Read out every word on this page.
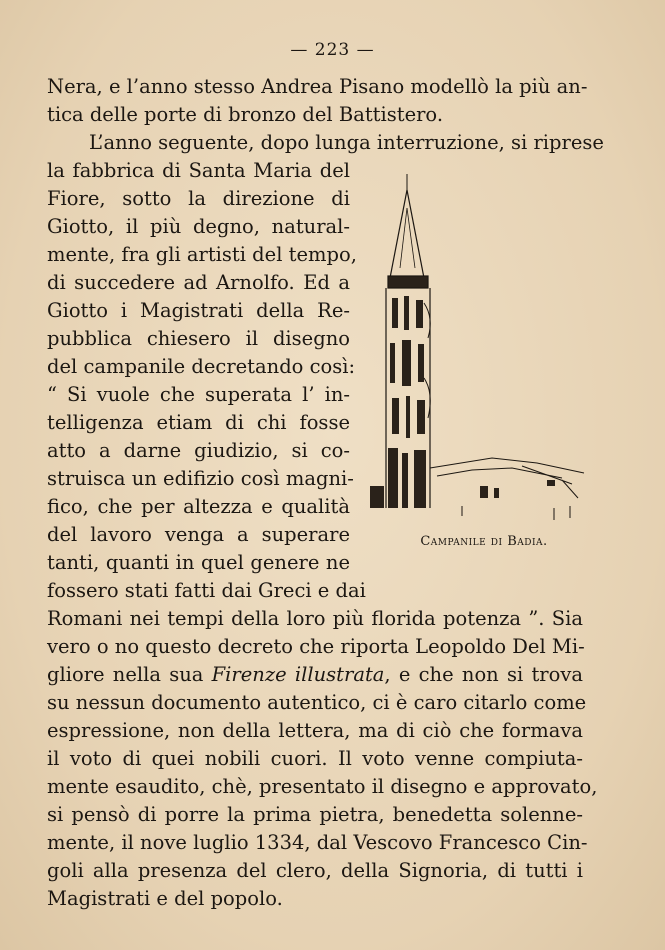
— 223 —
Nera, e l’anno stesso Andrea Pisano modellò la più an-
tica delle porte di bronzo del Battistero.
L’anno seguente, dopo lunga interruzione, si riprese
la fabbrica di Santa Maria del
Fiore, sotto la direzione di
Giotto, il più degno, natural-
mente, fra gli artisti del tempo,
di succedere ad Arnolfo. Ed a
Giotto i Magistrati della Re-
pubblica chiesero il disegno
del campanile decretando così:
“ Si vuole che superata l’ in-
telligenza etiam di chi fosse
atto a darne giudizio, si co-
struisca un edifizio così magni-
fico, che per altezza e qualità
del lavoro venga a superare
tanti, quanti in quel genere ne
fossero stati fatti dai Greci e dai
Romani nei tempi della loro più florida potenza ”. Sia
vero o no questo decreto che riporta Leopoldo Del Mi-
gliore nella sua Firenze illustrata, e che non si trova
su nessun documento autentico, ci è caro citarlo come
espressione, non della lettera, ma di ciò che formava
il voto di quei nobili cuori. Il voto venne compiuta-
mente esaudito, chè, presentato il disegno e approvato,
si pensò di porre la prima pietra, benedetta solenne-
mente, il nove luglio 1334, dal Vescovo Francesco Cin-
goli alla presenza del clero, della Signoria, di tutti i
Magistrati e del popolo.
Campanile di Badia.
